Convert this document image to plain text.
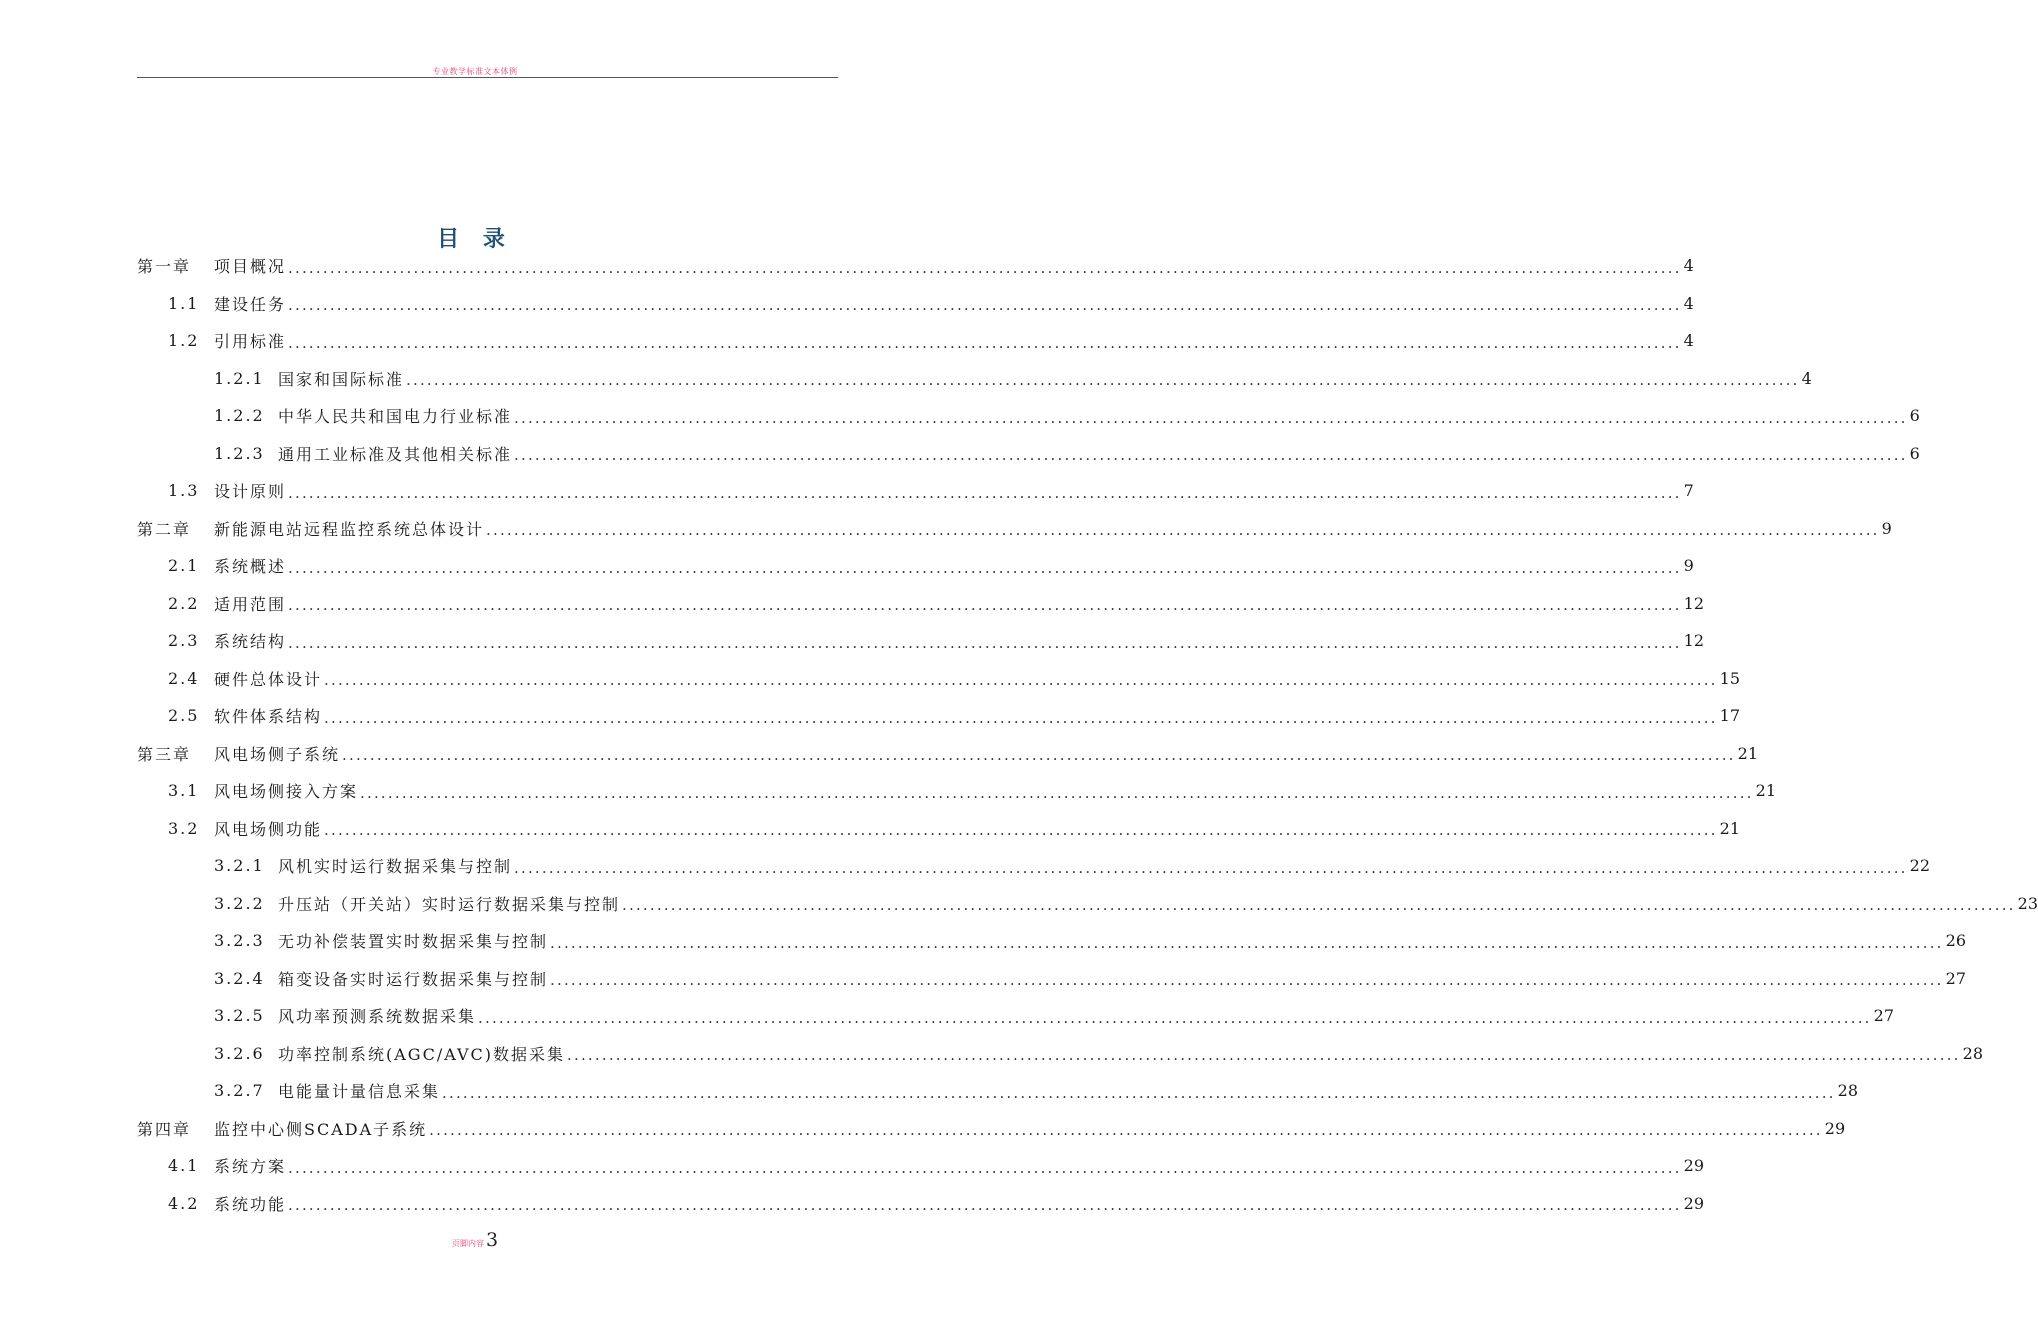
专业教学标准文本体例
目 录
第一章	项目概况 ........................................................................................................................................................................................................ 4
1.1 建设任务 ........................................................................................................................................................................................................ 4
1.2 引用标准 ........................................................................................................................................................................................................ 4
1.2.1 国家和国际标准 ........................................................................................................................................................................................................ 4
1.2.2 中华人民共和国电力行业标准 ........................................................................................................................................................................................................ 6
1.2.3 通用工业标准及其他相关标准 ........................................................................................................................................................................................................ 6
1.3 设计原则 ........................................................................................................................................................................................................ 7
第二章	新能源电站远程监控系统总体设计 ........................................................................................................................................................................................................ 9
2.1 系统概述 ........................................................................................................................................................................................................ 9
2.2 适用范围 ........................................................................................................................................................................................................ 12
2.3 系统结构 ........................................................................................................................................................................................................ 12
2.4 硬件总体设计 ........................................................................................................................................................................................................ 15
2.5 软件体系结构 ........................................................................................................................................................................................................ 17
第三章	风电场侧子系统 ........................................................................................................................................................................................................ 21
3.1 风电场侧接入方案 ........................................................................................................................................................................................................ 21
3.2 风电场侧功能 ........................................................................................................................................................................................................ 21
3.2.1 风机实时运行数据采集与控制 ........................................................................................................................................................................................................ 22
3.2.2 升压站（开关站）实时运行数据采集与控制 ........................................................................................................................................................................................................ 23
3.2.3 无功补偿装置实时数据采集与控制 ........................................................................................................................................................................................................ 26
3.2.4 箱变设备实时运行数据采集与控制 ........................................................................................................................................................................................................ 27
3.2.5 风功率预测系统数据采集 ........................................................................................................................................................................................................ 27
3.2.6 功率控制系统(AGC/AVC)数据采集 ........................................................................................................................................................................................................ 28
3.2.7 电能量计量信息采集 ........................................................................................................................................................................................................ 28
第四章	监控中心侧SCADA子系统 ........................................................................................................................................................................................................ 29
4.1 系统方案 ........................................................................................................................................................................................................ 29
4.2 系统功能 ........................................................................................................................................................................................................ 29
页脚内容 3
